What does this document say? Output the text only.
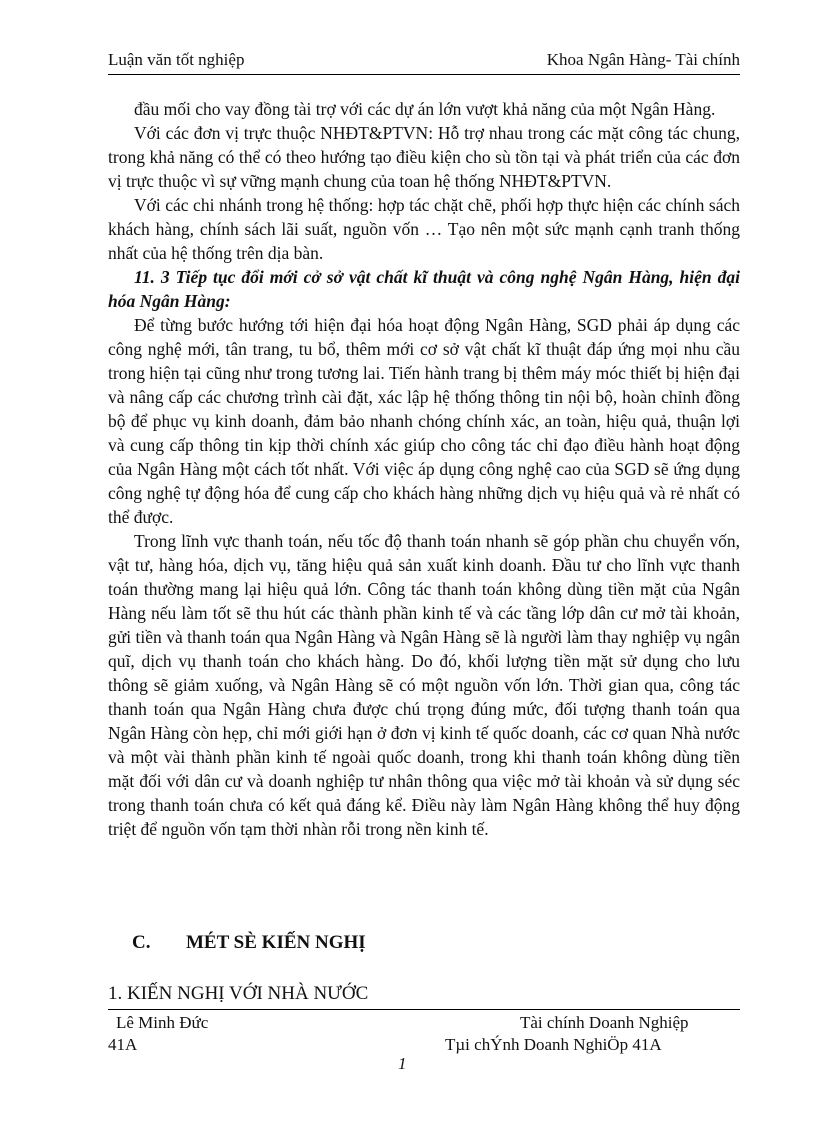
Luận văn tốt nghiệp	Khoa Ngân Hàng- Tài chính

đầu mối cho vay đồng tài trợ với các dự án lớn vượt khả năng của một Ngân Hàng.

Với các đơn vị trực thuộc NHĐT&PTVN: Hỗ trợ nhau trong các mặt công tác chung, trong khả năng có thể có theo hướng tạo điều kiện cho sù tồn tại và phát triển của các đơn vị trực thuộc vì sự vững mạnh chung của toan hệ thống NHĐT&PTVN.

Với các chi nhánh trong hệ thống: hợp tác chặt chẽ, phối hợp thực hiện các chính sách khách hàng, chính sách lãi suất, nguồn vốn … Tạo nên một sức mạnh cạnh tranh thống nhất của hệ thống trên dịa bàn.

11. 3 Tiếp tục đổi mới cở sở vật chất kĩ thuật và công nghệ Ngân Hàng, hiện đại hóa Ngân Hàng:

Để từng bước hướng tới hiện đại hóa hoạt động Ngân Hàng, SGD phải áp dụng các công nghệ mới, tân trang, tu bổ, thêm mới cơ sở vật chất kĩ thuật đáp ứng mọi nhu cầu trong hiện tại cũng như trong tương lai. Tiến hành trang bị thêm máy móc thiết bị hiện đại và nâng cấp các chương trình cài đặt, xác lập hệ thống thông tin nội bộ, hoàn chỉnh đồng bộ để phục vụ kinh doanh, đảm bảo nhanh chóng chính xác, an toàn, hiệu quả, thuận lợi và cung cấp thông tin kịp thời chính xác giúp cho công tác chỉ đạo điều hành hoạt động của Ngân Hàng một cách tốt nhất. Với việc áp dụng công nghệ cao của SGD sẽ ứng dụng công nghệ tự động hóa để cung cấp cho khách hàng những dịch vụ hiệu quả và rẻ nhất có thể được.

Trong lĩnh vực thanh toán, nếu tốc độ thanh toán nhanh sẽ góp phần chu chuyển vốn, vật tư, hàng hóa, dịch vụ, tăng hiệu quả sản xuất kinh doanh. Đầu tư cho lĩnh vực thanh toán thường mang lại hiệu quả lớn. Công tác thanh toán không dùng tiền mặt của Ngân Hàng nếu làm tốt sẽ thu hút các thành phần kinh tế và các tầng lớp dân cư mở tài khoản, gửi tiền và thanh toán qua Ngân Hàng và Ngân Hàng sẽ là người làm thay nghiệp vụ ngân quĩ, dịch vụ thanh toán cho khách hàng. Do đó, khối lượng tiền mặt sử dụng cho lưu thông sẽ giảm xuống, và Ngân Hàng sẽ có một nguồn vốn lớn. Thời gian qua, công tác thanh toán qua Ngân Hàng chưa được chú trọng đúng mức, đối tượng thanh toán qua Ngân Hàng còn hẹp, chỉ mới giới hạn ở đơn vị kinh tế quốc doanh, các cơ quan Nhà nước và một vài thành phần kinh tế ngoài quốc doanh, trong khi thanh toán không dùng tiền mặt đối với dân cư và doanh nghiệp tư nhân thông qua việc mở tài khoản và sử dụng séc trong thanh toán chưa có kết quả đáng kể. Điều này làm Ngân Hàng không thể huy động triệt để nguồn vốn tạm thời nhàn rỗi trong nền kinh tế.

C. MÉT SÈ KIẾN NGHỊ
1. KIẾN NGHỊ VỚI NHÀ NƯỚC
Lê Minh Đức	Tài chính Doanh Nghiệp
41A	Tµi chÝnh Doanh NghiÖp 41A
1
